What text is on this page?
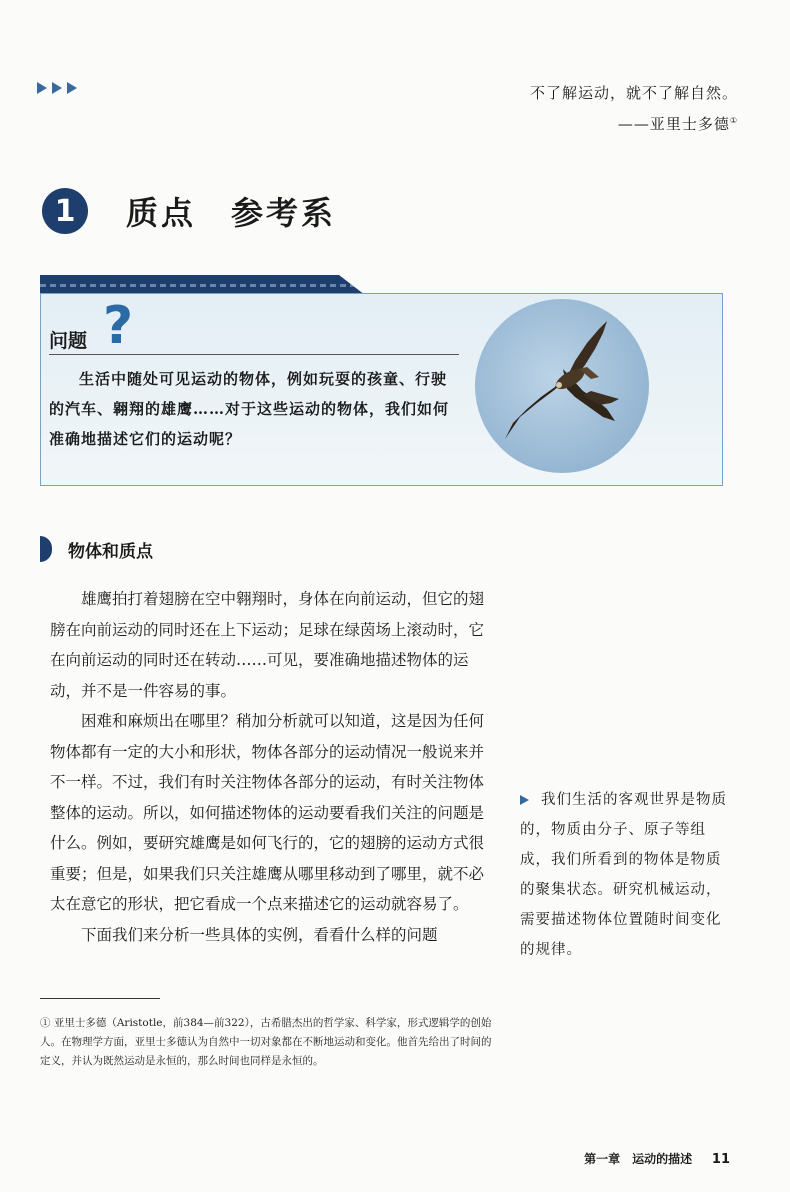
不了解运动，就不了解自然。
——亚里士多德①
1	质点　参考系
问题 ?

生活中随处可见运动的物体，例如玩耍的孩童、行驶的汽车、翱翔的雄鹰……对于这些运动的物体，我们如何准确地描述它们的运动呢？

物体和质点

雄鹰拍打着翅膀在空中翱翔时，身体在向前运动，但它的翅膀在向前运动的同时还在上下运动；足球在绿茵场上滚动时，它在向前运动的同时还在转动……可见，要准确地描述物体的运动，并不是一件容易的事。

困难和麻烦出在哪里？稍加分析就可以知道，这是因为任何物体都有一定的大小和形状，物体各部分的运动情况一般说来并不一样。不过，我们有时关注物体各部分的运动，有时关注物体整体的运动。所以，如何描述物体的运动要看我们关注的问题是什么。例如，要研究雄鹰是如何飞行的，它的翅膀的运动方式很重要；但是，如果我们只关注雄鹰从哪里移动到了哪里，就不必太在意它的形状，把它看成一个点来描述它的运动就容易了。

下面我们来分析一些具体的实例，看看什么样的问题

我们生活的客观世界是物质的，物质由分子、原子等组成，我们所看到的物体是物质的聚集状态。研究机械运动，需要描述物体位置随时间变化的规律。

① 亚里士多德（Aristotle，前384—前322），古希腊杰出的哲学家、科学家，形式逻辑学的创始人。在物理学方面，亚里士多德认为自然中一切对象都在不断地运动和变化。他首先给出了时间的定义，并认为既然运动是永恒的，那么时间也同样是永恒的。

第一章　运动的描述 11
